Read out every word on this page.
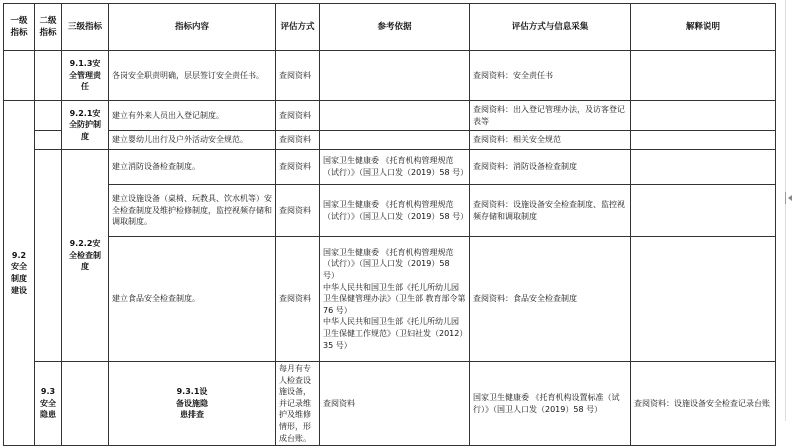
一级
指标	二级
指标	三级指标	指标内容	评估方式	参考依据	评估方式与信息采集	解释说明	
		9.1.3安
全管理责
任	各岗安全职责明确，层层签订安全责任书。	查阅资料		查阅资料：安全责任书		
9.2
安全
制度
建设		9.2.1安
全防护制
度	建立有外来人员出入登记制度。	查阅资料		查阅资料：出入登记管理办法，及访客登记表等		
			建立婴幼儿出行及户外活动安全规范。	查阅资料		查阅资料：相关安全规范		
		9.2.2安
全检查制
度	建立消防设备检查制度。	查阅资料	国家卫生健康委 《托育机构管理规范（试行）》（国卫人口发（2019）58 号）	查阅资料：消防设备检查制度		
			建立设施设备（桌椅、玩教具、饮水机等）安全检查制度及维护检修制度，监控视频存储和调取制度。	查阅资料	国家卫生健康委 《托育机构管理规范（试行）》（国卫人口发（2019）58 号）	查阅资料：设施设备安全检查制度、监控视频存储和调取制度		
			建立食品安全检查制度。	查阅资料	国家卫生健康委 《托育机构管理规范（试行）》（国卫人口发（2019）58 号）
中华人民共和国卫生部《托儿所幼儿园卫生保健管理办法》（卫生部 教育部令第 76 号）
中华人民共和国卫生部《托儿所幼儿园卫生保健工作规范》（卫妇社发（2012）35 号）	查阅资料：食品安全检查制度		
	9.3
安全
隐患		9.3.1设
备设施隐
患排查	每月有专人检查设施设备，并记录维护及维修情形，形成台账。	查阅资料	国家卫生健康委 《托育机构设置标准（试行）》（国卫人口发（2019）58 号）	查阅资料：设施设备安全检查记录台账	
